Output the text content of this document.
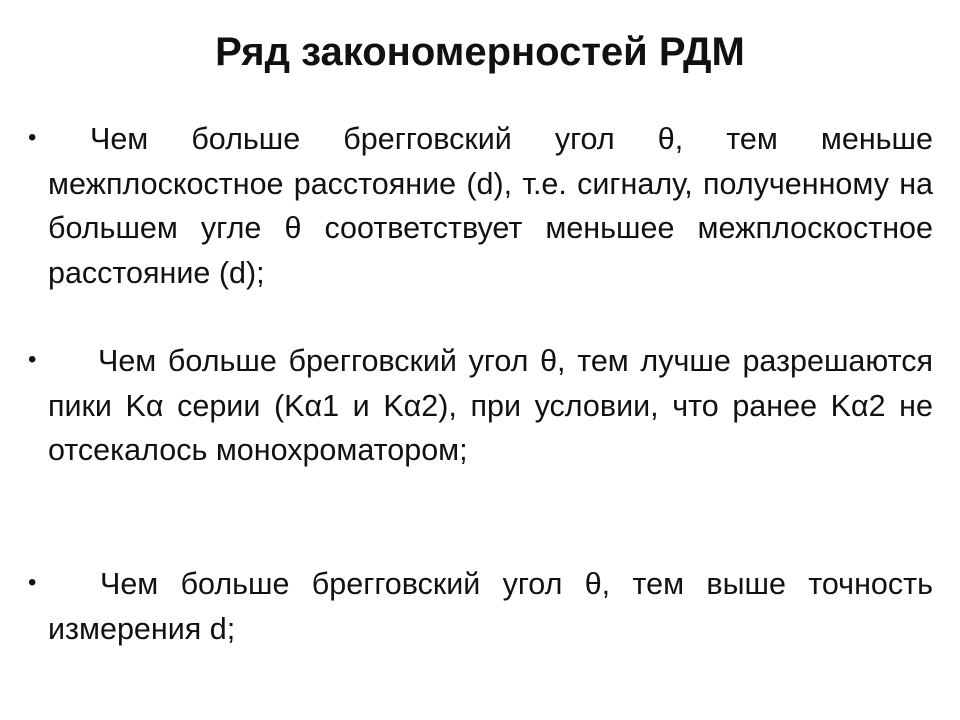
Ряд закономерностей РДМ
•	Чем больше брегговский угол θ, тем меньше межплоскостное расстояние (d), т.е. сигналу, полученному на большем угле θ соответствует меньшее межплоскостное расстояние (d);

•	Чем больше брегговский угол θ, тем лучше разрешаются пики Kα серии (Kα1 и Kα2), при условии, что ранее Kα2 не отсекалось монохроматором;

•	Чем больше брегговский угол θ, тем выше точность измерения d;
